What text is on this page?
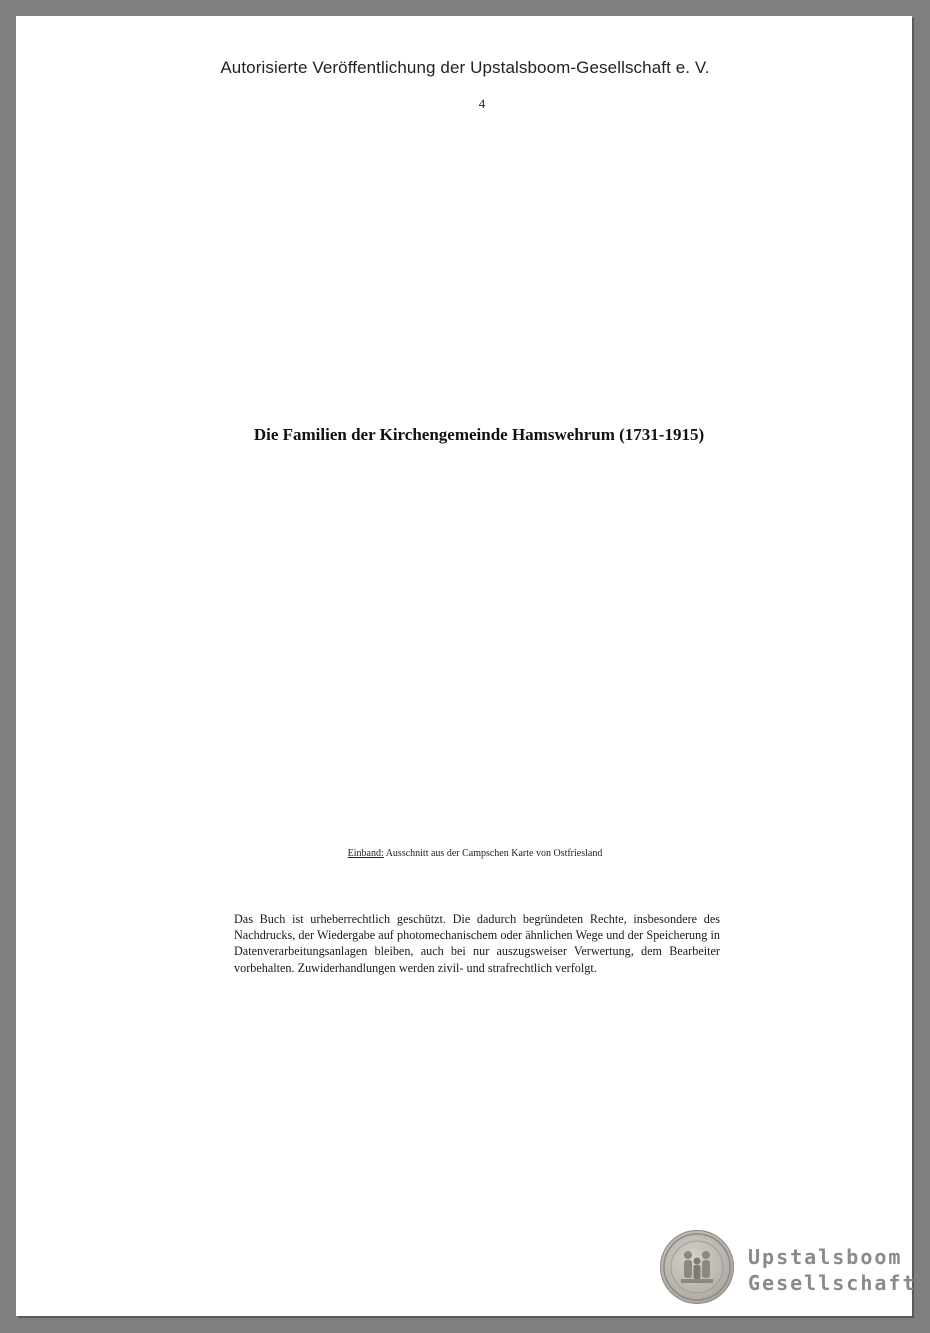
Autorisierte Veröffentlichung der Upstalsboom-Gesellschaft e. V.
4
Die Familien der Kirchengemeinde Hamswehrum (1731-1915)
Einband: Ausschnitt aus der Campschen Karte von Ostfriesland
Das Buch ist urheberrechtlich geschützt. Die dadurch begründeten Rechte, insbesondere des Nachdrucks, der Wiedergabe auf photomechanischem oder ähnlichen Wege und der Speicherung in Datenverarbeitungsanlagen bleiben, auch bei nur auszugsweiser Verwertung, dem Bearbeiter vorbehalten. Zuwiderhandlungen werden zivil- und strafrechtlich verfolgt.
Upstalsboom
Gesellschaft
